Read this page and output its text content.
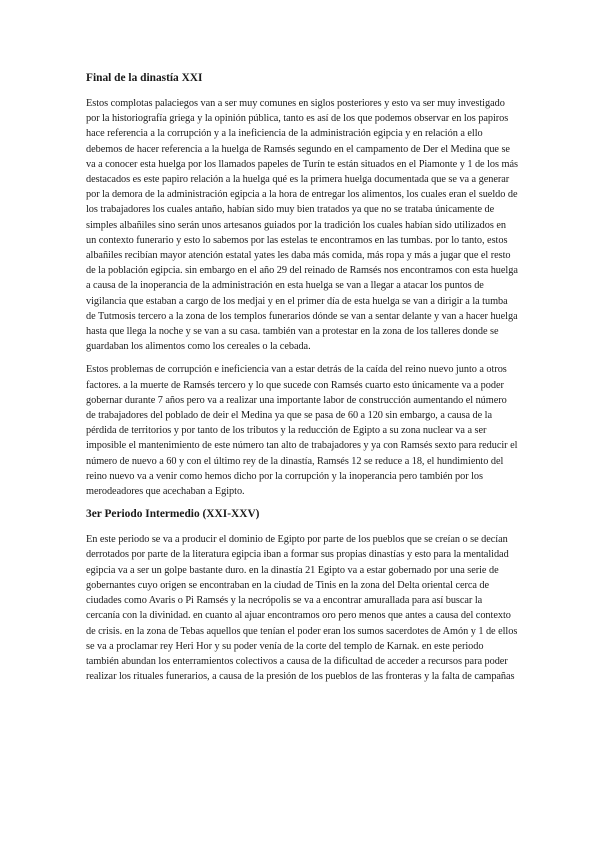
Final de la dinastía XXI

Estos complotas palaciegos van a ser muy comunes en siglos posteriores y esto va ser muy investigado por la historiografía griega y la opinión pública, tanto es así de los que podemos observar en los papiros hace referencia a la corrupción y a la ineficiencia de la administración egipcia y en relación a ello debemos de hacer referencia a la huelga de Ramsés segundo en el campamento de Der el Medina que se va a conocer esta huelga por los llamados papeles de Turín te están situados en el Piamonte y 1 de los más destacados es este papiro relación a la huelga qué es la primera huelga documentada que se va a generar por la demora de la administración egipcia a la hora de entregar los alimentos, los cuales eran el sueldo de los trabajadores los cuales antaño, habían sido muy bien tratados ya que no se trataba únicamente de simples albañiles sino serán unos artesanos guiados por la tradición los cuales habían sido utilizados en un contexto funerario y esto lo sabemos por las estelas te encontramos en las tumbas. por lo tanto, estos albañiles recibían mayor atención estatal yates les daba más comida, más ropa y más a jugar que el resto de la población egipcia. sin embargo en el año 29 del reinado de Ramsés nos encontramos con esta huelga a causa de la inoperancia de la administración en esta huelga se van a llegar a atacar los puntos de vigilancia que estaban a cargo de los medjai y en el primer día de esta huelga se van a dirigir a la tumba de Tutmosis tercero a la zona de los templos funerarios dónde se van a sentar delante y van a hacer huelga hasta que llega la noche y se van a su casa. también van a protestar en la zona de los talleres donde se guardaban los alimentos como los cereales o la cebada.

Estos problemas de corrupción e ineficiencia van a estar detrás de la caída del reino nuevo junto a otros factores. a la muerte de Ramsés tercero y lo que sucede con Ramsés cuarto esto únicamente va a poder gobernar durante 7 años pero va a realizar una importante labor de construcción aumentando el número de trabajadores del poblado de deir el Medina ya que se pasa de 60 a 120 sin embargo, a causa de la pérdida de territorios y por tanto de los tributos y la reducción de Egipto a su zona nuclear va a ser imposible el mantenimiento de este número tan alto de trabajadores y ya con Ramsés sexto para reducir el número de nuevo a 60 y con el último rey de la dinastía, Ramsés 12 se reduce a 18, el hundimiento del reino nuevo va a venir como hemos dicho por la corrupción y la inoperancia pero también por los merodeadores que acechaban a Egipto.

3er Periodo Intermedio (XXI-XXV)

En este periodo se va a producir el dominio de Egipto por parte de los pueblos que se creían o se decían derrotados por parte de la literatura egipcia iban a formar sus propias dinastías y esto para la mentalidad egipcia va a ser un golpe bastante duro. en la dinastía 21 Egipto va a estar gobernado por una serie de gobernantes cuyo origen se encontraban en la ciudad de Tinis en la zona del Delta oriental cerca de ciudades como Avaris o Pi Ramsés y la necrópolis se va a encontrar amurallada para así buscar la cercanía con la divinidad. en cuanto al ajuar encontramos oro pero menos que antes a causa del contexto de crisis. en la zona de Tebas aquellos que tenían el poder eran los sumos sacerdotes de Amón y 1 de ellos se va a proclamar rey Heri Hor y su poder venía de la corte del templo de Karnak. en este periodo también abundan los enterramientos colectivos a causa de la dificultad de acceder a recursos para poder realizar los rituales funerarios, a causa de la presión de los pueblos de las fronteras y la falta de campañas
